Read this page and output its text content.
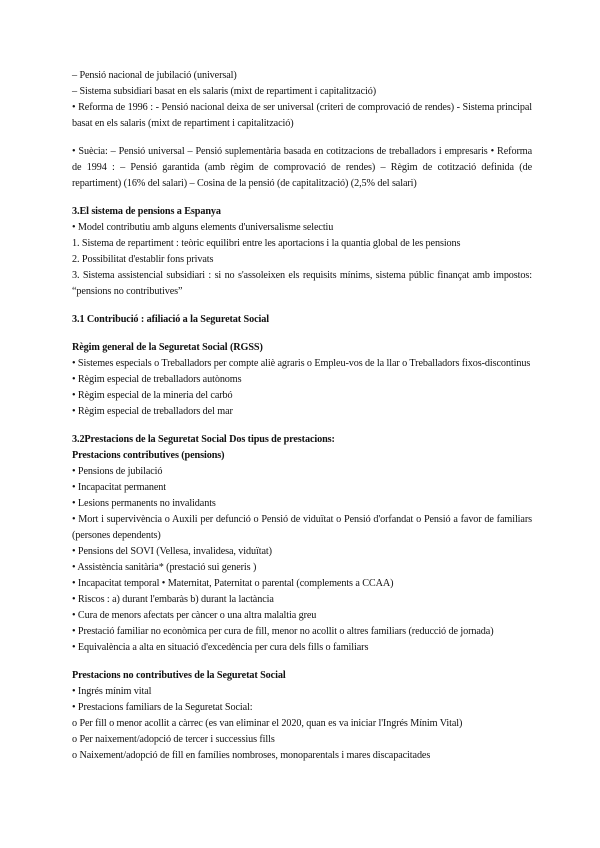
– Pensió nacional de jubilació (universal)
– Sistema subsidiari basat en els salaris (mixt de repartiment i capitalització)
• Reforma de 1996 : - Pensió nacional deixa de ser universal (criteri de comprovació de rendes) - Sistema principal basat en els salaris (mixt de repartiment i capitalització)
• Suècia: – Pensió universal – Pensió suplementària basada en cotitzacions de treballadors i empresaris • Reforma de 1994 : – Pensió garantida (amb règim de comprovació de rendes) – Règim de cotització definida (de repartiment) (16% del salari) – Cosina de la pensió (de capitalització) (2,5% del salari)
3.El sistema de pensions a Espanya
• Model contributiu amb alguns elements d'universalisme selectiu
1. Sistema de repartiment : teòric equilibri entre les aportacions i la quantia global de les pensions
2. Possibilitat d'establir fons privats
3. Sistema assistencial subsidiari : si no s'assoleixen els requisits mínims, sistema públic finançat amb impostos: “pensions no contributives”
3.1 Contribució : afiliació a la Seguretat Social
Règim general de la Seguretat Social (RGSS)
• Sistemes especials o Treballadors per compte aliè agraris o Empleu-vos de la llar o Treballadors fixos-discontinus
• Règim especial de treballadors autònoms
• Règim especial de la mineria del carbó
• Règim especial de treballadors del mar
3.2Prestacions de la Seguretat Social Dos tipus de prestacions:
Prestacions contributives (pensions)
• Pensions de jubilació
• Incapacitat permanent
• Lesions permanents no invalidants
• Mort i supervivència o Auxili per defunció o Pensió de viduïtat o Pensió d'orfandat o Pensió a favor de familiars (persones dependents)
• Pensions del SOVI (Vellesa, invalidesa, viduïtat)
• Assistència sanitària* (prestació sui generis )
• Incapacitat temporal • Maternitat, Paternitat o parental (complements a CCAA)
• Riscos : a) durant l'embaràs b) durant la lactància
• Cura de menors afectats per càncer o una altra malaltia greu
• Prestació familiar no econòmica per cura de fill, menor no acollit o altres familiars (reducció de jornada)
• Equivalència a alta en situació d'excedència per cura dels fills o familiars
Prestacions no contributives de la Seguretat Social
• Ingrés mínim vital
• Prestacions familiars de la Seguretat Social:
o Per fill o menor acollit a càrrec (es van eliminar el 2020, quan es va iniciar l'Ingrés Mínim Vital)
o Per naixement/adopció de tercer i successius fills
o Naixement/adopció de fill en famílies nombroses, monoparentals i mares discapacitades
